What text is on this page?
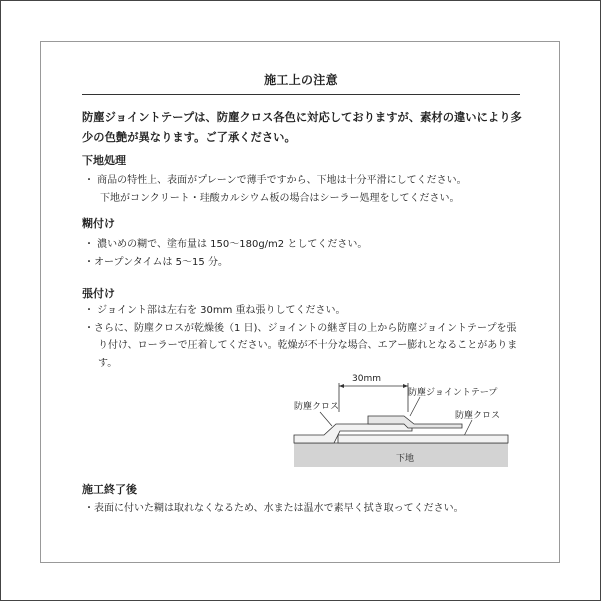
施工上の注意
防塵ジョイントテープは、防塵クロス各色に対応しておりますが、素材の違いにより多少の色艶が異なります。ご了承ください。
下地処理
・ 商品の特性上、表面がプレーンで薄手ですから、下地は十分平滑にしてください。
下地がコンクリート・珪酸カルシウム板の場合はシーラー処理をしてください。
糊付け
・ 濃いめの糊で、塗布量は 150〜180g/m2 としてください。
・オープンタイムは 5〜15 分。
張付け
・ ジョイント部は左右を 30mm 重ね張りしてください。
・さらに、防塵クロスが乾燥後（1 日)、ジョイントの継ぎ目の上から防塵ジョイントテープを張り付け、ローラーで圧着してください。乾燥が不十分な場合、エアー膨れとなることがあります。
30mm
防塵ジョイントテープ
防塵クロス
防塵クロス
下地
施工終了後
・表面に付いた糊は取れなくなるため、水または温水で素早く拭き取ってください。
